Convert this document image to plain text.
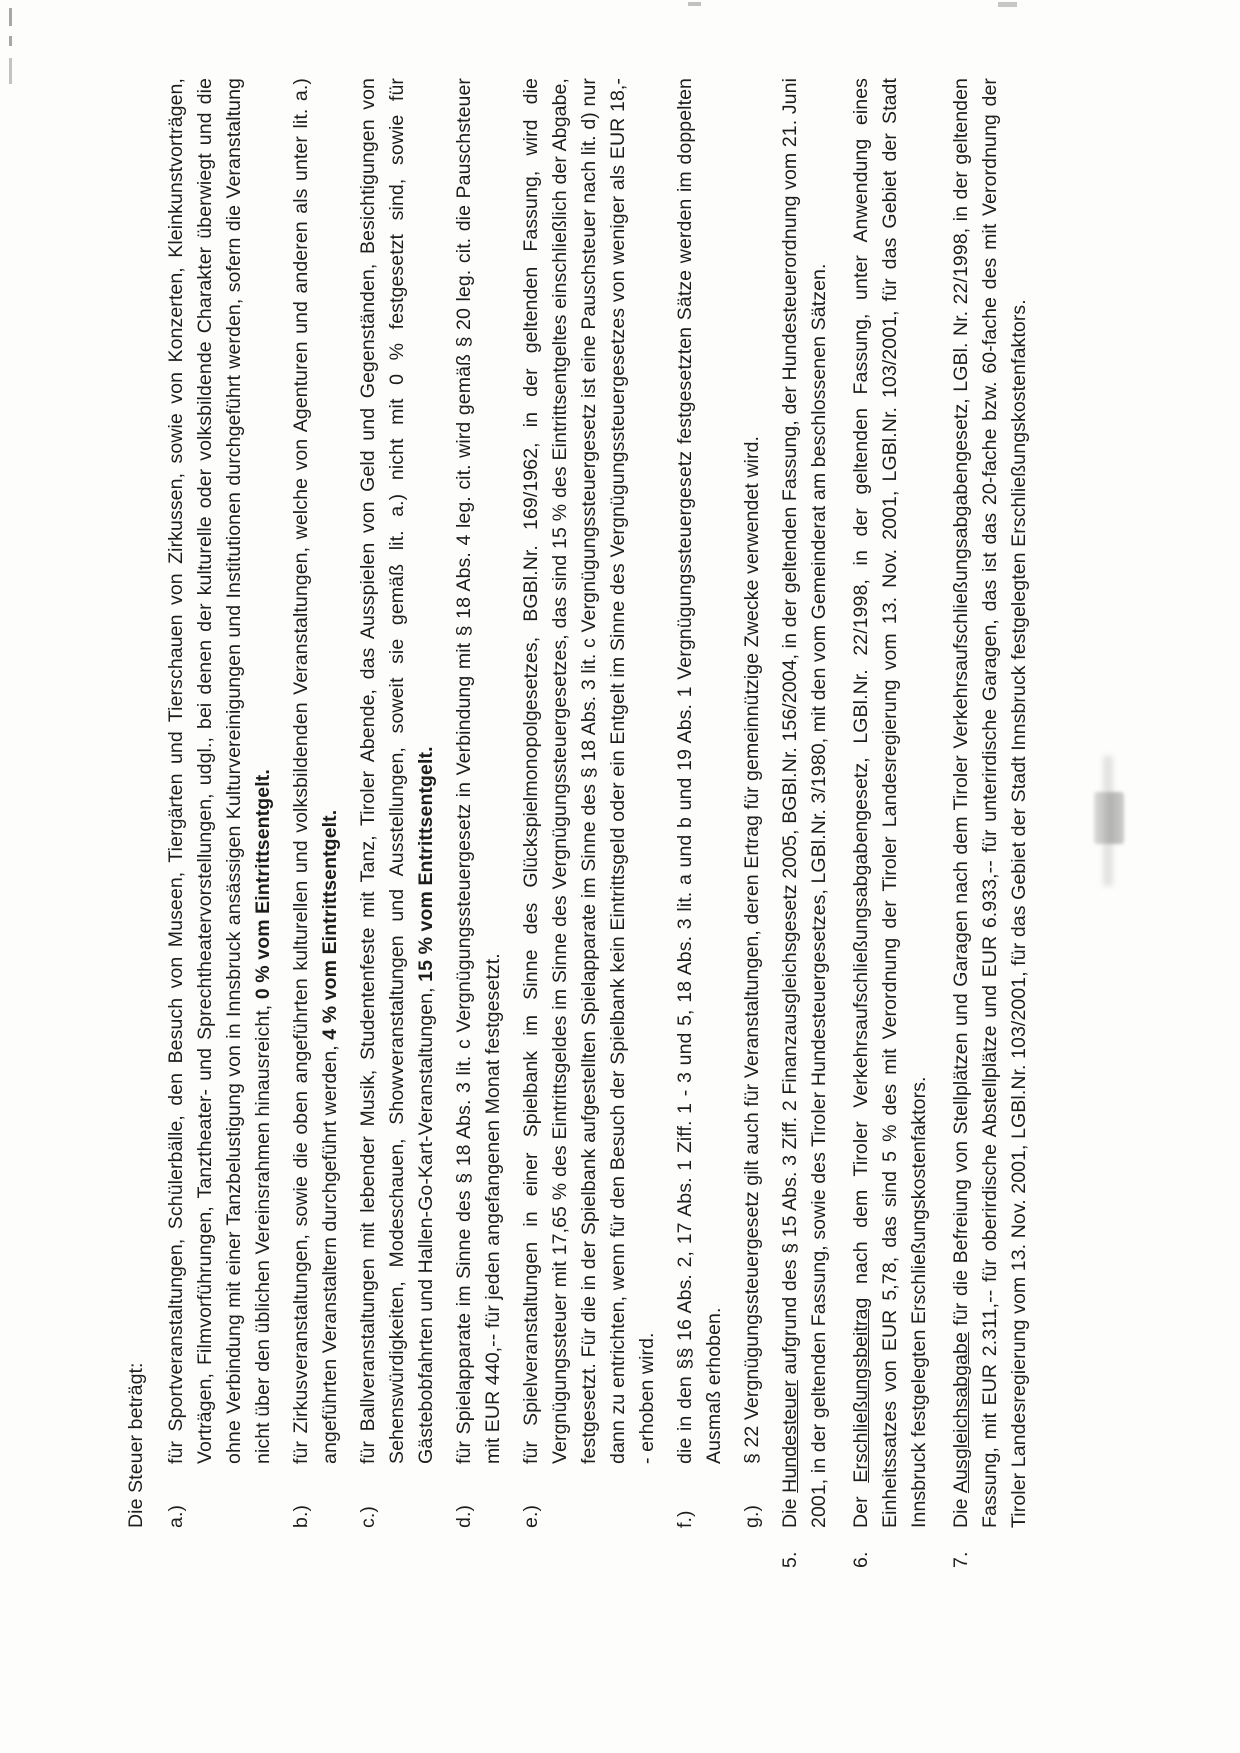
Die Steuer beträgt: a.)
für Sportveranstaltungen, Schülerbälle, den Besuch von Museen, Tiergärten und Tierschauen von Zirkussen, sowie von Konzerten, Kleinkunstvorträgen, Vorträgen, Filmvorführungen, Tanztheater- und Sprechtheatervorstellungen, udgl., bei denen der kulturelle oder volksbildende Charakter überwiegt und die ohne Verbindung mit einer Tanzbelustigung von in Innsbruck ansässigen Kulturvereinigungen und Institutionen durchgeführt werden, sofern die Veranstaltung nicht über den üblichen Vereinsrahmen hinausreicht, 0 % vom Eintrittsentgelt.
b.)
für Zirkusveranstaltungen, sowie die oben angeführten kulturellen und volksbildenden Veranstaltungen, welche von Agenturen und anderen als unter lit. a.) angeführten Veranstaltern durchgeführt werden, 4 % vom Eintrittsentgelt.
c.)
für Ballveranstaltungen mit lebender Musik, Studentenfeste mit Tanz, Tiroler Abende, das Ausspielen von Geld und Gegenständen, Besichtigungen von Sehenswürdigkeiten, Modeschauen, Showveranstaltungen und Ausstellungen, soweit sie gemäß lit. a.) nicht mit 0 % festgesetzt sind, sowie für Gästebobfahrten und Hallen-Go-Kart-Veranstaltungen, 15 % vom Entrittsentgelt.
d.)
für Spielapparate im Sinne des § 18 Abs. 3 lit. c Vergnügungssteuergesetz in Verbindung mit § 18 Abs. 4 leg. cit. wird gemäß § 20 leg. cit. die Pauschsteuer mit EUR 440,-- für jeden angefangenen Monat festgesetzt.
e.)
für Spielveranstaltungen in einer Spielbank im Sinne des Glückspielmonopolgesetzes, BGBl.Nr. 169/1962, in der geltenden Fassung, wird die Vergnügungssteuer mit 17,65 % des Eintrittsgeldes im Sinne des Vergnügungssteuergesetzes, das sind 15 % des Eintrittsentgeltes einschließlich der Abgabe, festgesetzt. Für die in der Spielbank aufgestellten Spielapparate im Sinne des § 18 Abs. 3 lit. c Vergnügungssteuergesetz ist eine Pauschsteuer nach lit. d) nur dann zu entrichten, wenn für den Besuch der Spielbank kein Eintrittsgeld oder ein Entgelt im Sinne des Vergnügungssteuergesetzes von weniger als EUR 18,-- erhoben wird.
f.)
die in den §§ 16 Abs. 2, 17 Abs. 1 Ziff. 1 - 3 und 5, 18 Abs. 3 lit. a und b und 19 Abs. 1 Vergnügungssteuergesetz festgesetzten Sätze werden im doppelten Ausmaß erhoben.
g.)
§ 22 Vergnügungssteuergesetz gilt auch für Veranstaltungen, deren Ertrag für gemeinnützige Zwecke verwendet wird.
5.
Die Hundesteuer aufgrund des § 15 Abs. 3 Ziff. 2 Finanzausgleichsgesetz 2005, BGBl.Nr. 156/2004, in der geltenden Fassung, der Hundesteuerordnung vom 21. Juni 2001, in der geltenden Fassung, sowie des Tiroler Hundesteuergesetzes, LGBl.Nr. 3/1980, mit den vom Gemeinderat am beschlossenen Sätzen.
6.
Der Erschließungsbeitrag nach dem Tiroler Verkehrsaufschließungsabgabengesetz, LGBl.Nr. 22/1998, in der geltenden Fassung, unter Anwendung eines Einheitssatzes von EUR 5,78, das sind 5 % des mit Verordnung der Tiroler Landesregierung vom 13. Nov. 2001, LGBl.Nr. 103/2001, für das Gebiet der Stadt Innsbruck festgelegten Erschließungskostenfaktors.
7.
Die Ausgleichsabgabe für die Befreiung von Stellplätzen und Garagen nach dem Tiroler Verkehrsaufschließungsabgabengesetz, LGBl. Nr. 22/1998, in der geltenden Fassung, mit EUR 2.311,-- für oberirdische Abstellplätze und EUR 6.933,-- für unterirdische Garagen, das ist das 20-fache bzw. 60-fache des mit Verordnung der Tiroler Landesregierung vom 13. Nov. 2001, LGBl.Nr. 103/2001, für das Gebiet der Stadt Innsbruck festgelegten Erschließungskostenfaktors.
